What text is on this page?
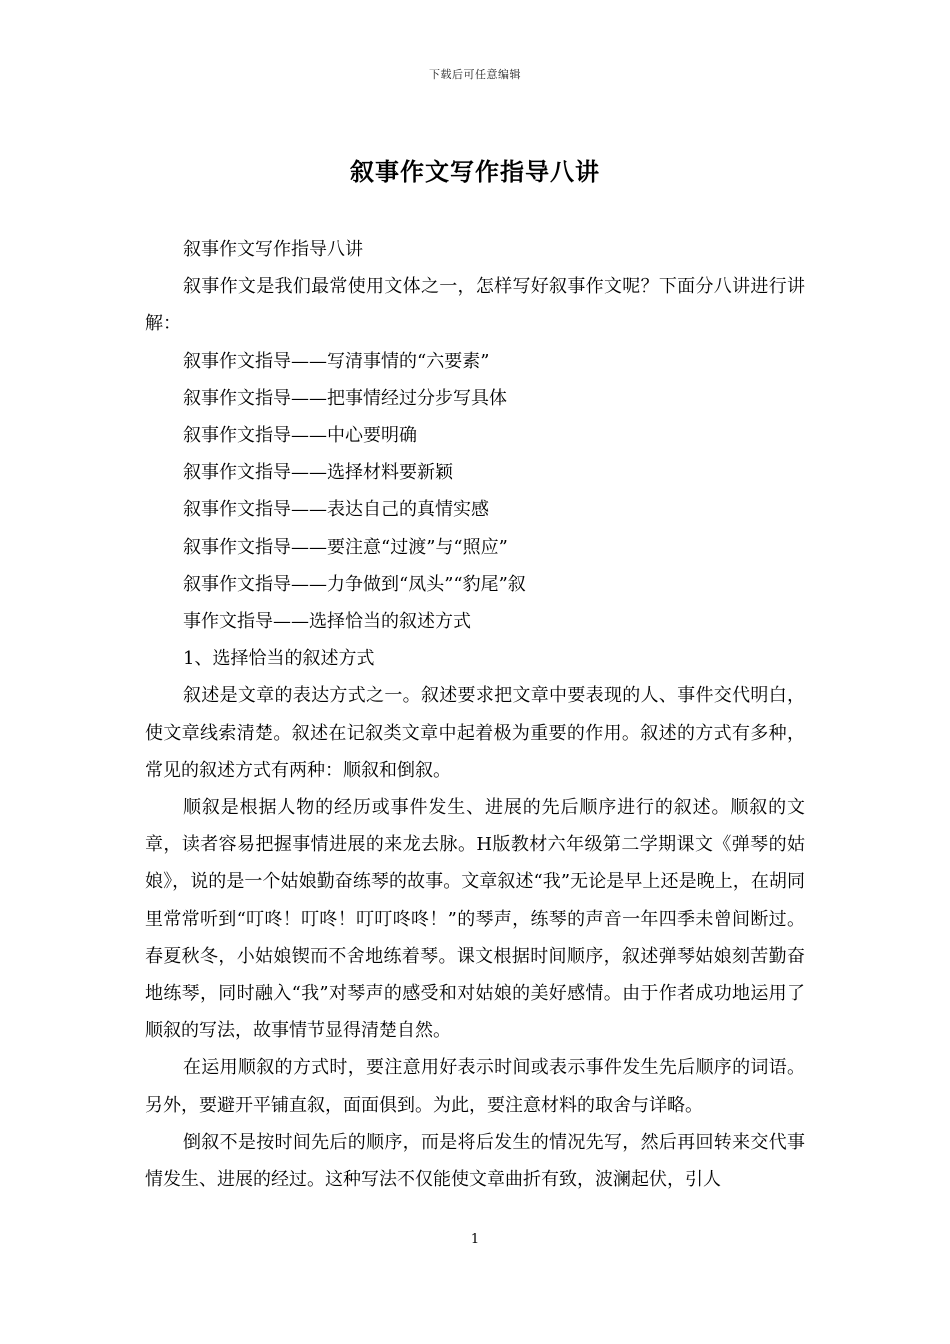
下载后可任意编辑
叙事作文写作指导八讲

叙事作文写作指导八讲

叙事作文是我们最常使用文体之一，怎样写好叙事作文呢？下面分八讲进行讲解：

叙事作文指导——写清事情的“六要素”

叙事作文指导——把事情经过分步写具体

叙事作文指导——中心要明确

叙事作文指导——选择材料要新颖

叙事作文指导——表达自己的真情实感

叙事作文指导——要注意“过渡”与“照应”

叙事作文指导——力争做到“凤头”“豹尾”叙

事作文指导——选择恰当的叙述方式

1、选择恰当的叙述方式

叙述是文章的表达方式之一。叙述要求把文章中要表现的人、事件交代明白，使文章线索清楚。叙述在记叙类文章中起着极为重要的作用。叙述的方式有多种，常见的叙述方式有两种：顺叙和倒叙。

顺叙是根据人物的经历或事件发生、进展的先后顺序进行的叙述。顺叙的文章，读者容易把握事情进展的来龙去脉。H版教材六年级第二学期课文《弹琴的姑娘》，说的是一个姑娘勤奋练琴的故事。文章叙述“我”无论是早上还是晚上，在胡同里常常听到“叮咚！叮咚！叮叮咚咚！”的琴声，练琴的声音一年四季未曾间断过。春夏秋冬，小姑娘锲而不舍地练着琴。课文根据时间顺序，叙述弹琴姑娘刻苦勤奋地练琴，同时融入“我”对琴声的感受和对姑娘的美好感情。由于作者成功地运用了顺叙的写法，故事情节显得清楚自然。

在运用顺叙的方式时，要注意用好表示时间或表示事件发生先后顺序的词语。另外，要避开平铺直叙，面面俱到。为此，要注意材料的取舍与详略。

倒叙不是按时间先后的顺序，而是将后发生的情况先写，然后再回转来交代事情发生、进展的经过。这种写法不仅能使文章曲折有致，波澜起伏，引人

1
